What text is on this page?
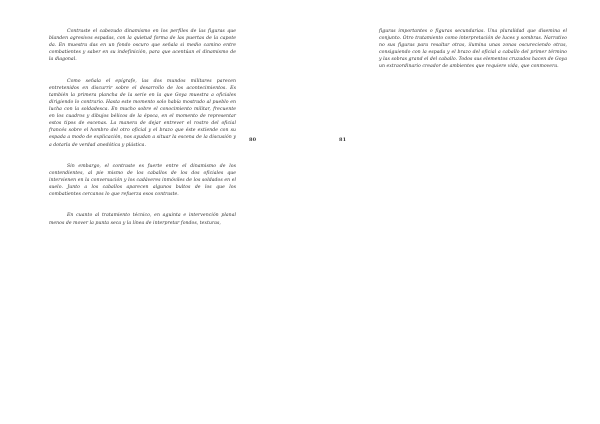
Contraste el cabezudo dinamismo en los perfiles de las figuras que blanden agresivos espadas, con la quietud forma de las puertas de la capote da. En muestra das en un fondo oscuro que señala si medio camino entre combatientes y saber en su indefinición, para que acentúan el dinamismo de la diagonal.

Como señala el epígrafe, las dos mundos militares parecen entretenidos en discurrir sobre el desarrollo de los acontecimientos. Es también la primera plancha de la serie en la que Goya muestra a oficiales dirigiendo lo contrario. Hasta este momento solo había mostrado al pueblo en lucha con la soldadesca. En mucho sobre el conocimiento militar, frecuente en los cuadros y dibujos bélicos de la época, en el momento de representar estos tipos de escenas. La manera de dejar entrever el rostro del oficial francés sobre el hombro del otro oficial y el brazo que éste extiende con su espada a modo de explicación, nos ayudan a situar la escena de la discusión y a dotarla de verdad anedótica y plástica.

Sin embargo, el contraste es fuerte entre el dinamismo de los contendientes, al pie mismo de los caballos de los dos oficiales que intervienen en la conversación y los cadáveres inmóviles de los soldados en el suelo. Junto a los caballos aparecen algunos bultos de los que los combatientes cercanos lo que refuerza esos contraste.

En cuanto al tratamiento técnico, en aguinta e intervención planal menos de mover la punta seca y la línea de interpretar fondos, texturas,

80	81

figuras importantes o figuras secundarias. Una pluralidad que disemina el conjunto. Otro tratamiento como interpretación de luces y sombras. Narrativo no sus figuras para resaltar otras, ilumina unas zonas oscureciendo otras, consiguiendo con la espada y el brazo del oficial a caballo del primer término y las sobras grand el del caballo. Todos sus elementos cruzados hacen de Goya un extraordinario creador de ambientes que requiere vida, que conmovera.
